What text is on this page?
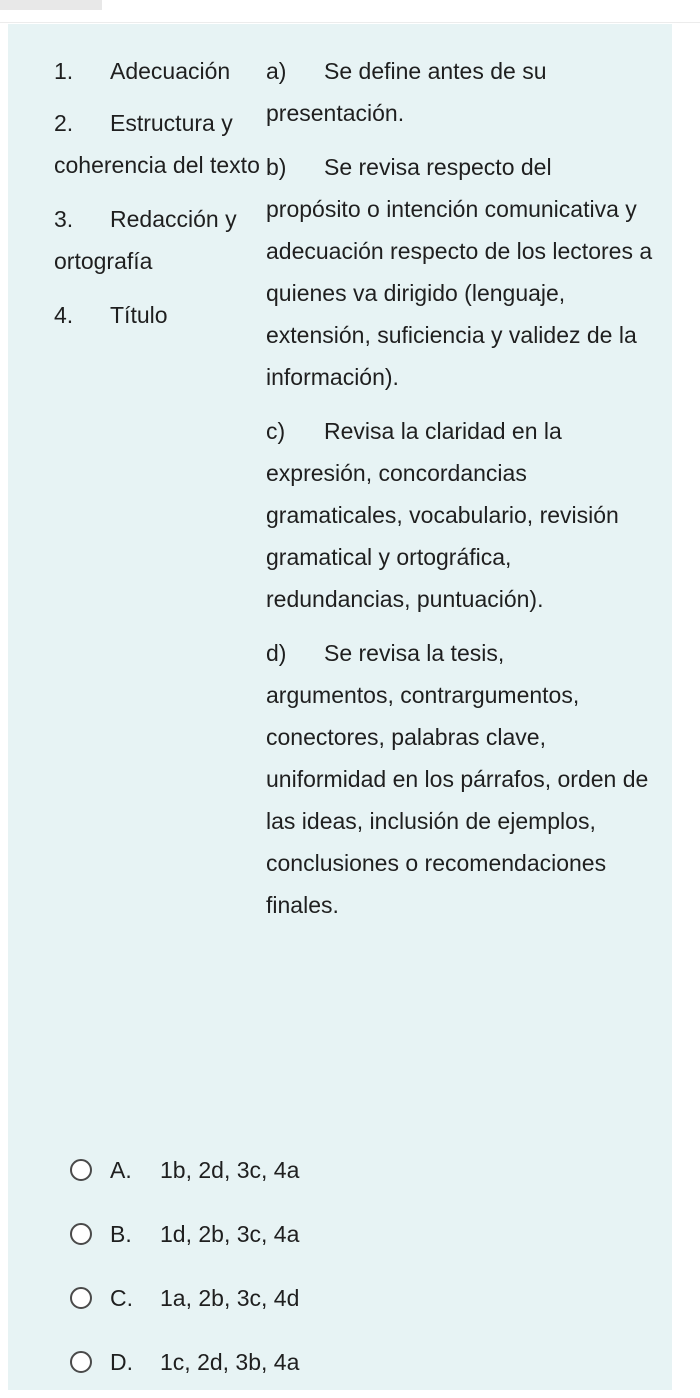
1. Adecuación
2. Estructura y
coherencia del texto
3. Redacción y
ortografía
4. Título
a) Se define antes de su
presentación.
b) Se revisa respecto del
propósito o intención comunicativa y adecuación respecto de los lectores a quienes va dirigido (lenguaje, extensión, suficiencia y validez de la información).
c) Revisa la claridad en la
expresión, concordancias gramaticales, vocabulario, revisión gramatical y ortográfica, redundancias, puntuación).
d) Se revisa la tesis,
argumentos, contrargumentos, conectores, palabras clave, uniformidad en los párrafos, orden de las ideas, inclusión de ejemplos, conclusiones o recomendaciones finales.
A.	1b, 2d, 3c, 4a
B.	1d, 2b, 3c, 4a
C.	1a, 2b, 3c, 4d
D.	1c, 2d, 3b, 4a
